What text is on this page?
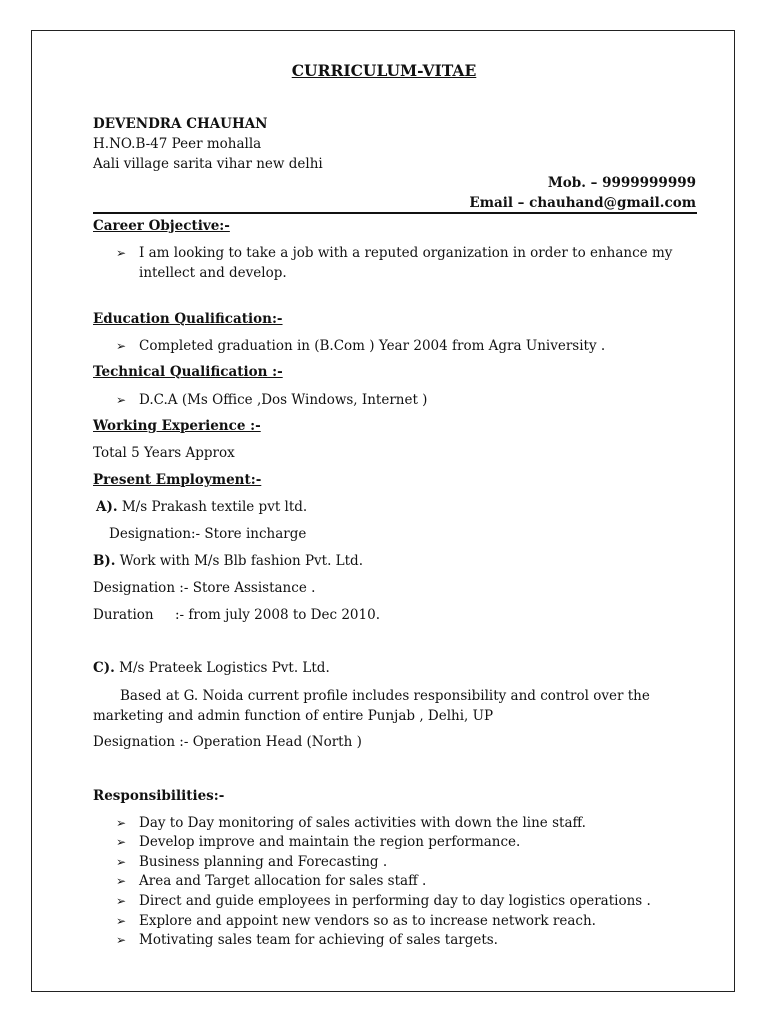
CURRICULUM-VITAE
DEVENDRA CHAUHAN
H.NO.B-47 Peer mohalla
Aali village sarita vihar new delhi
Mob. – 9999999999
Email – chauhand@gmail.com
Career Objective:-
➢ I am looking to take a job with a reputed organization in order to enhance my intellect and develop.
Education Qualification:-
➢ Completed graduation in (B.Com ) Year 2004 from Agra University .
Technical Qualification :-
➢ D.C.A (Ms Office ,Dos Windows, Internet )
Working Experience :-
Total 5 Years Approx
Present Employment:-
A). M/s Prakash textile pvt ltd.
Designation:- Store incharge
B). Work with M/s Blb fashion Pvt. Ltd.
Designation :- Store Assistance .
Duration :- from july 2008 to Dec 2010.
C). M/s Prateek Logistics Pvt. Ltd.
Based at G. Noida current profile includes responsibility and control over the marketing and admin function of entire Punjab , Delhi, UP
Designation :- Operation Head (North )
Responsibilities:-
➢ Day to Day monitoring of sales activities with down the line staff.
➢ Develop improve and maintain the region performance.
➢ Business planning and Forecasting .
➢ Area and Target allocation for sales staff .
➢ Direct and guide employees in performing day to day logistics operations .
➢ Explore and appoint new vendors so as to increase network reach.
➢ Motivating sales team for achieving of sales targets.
